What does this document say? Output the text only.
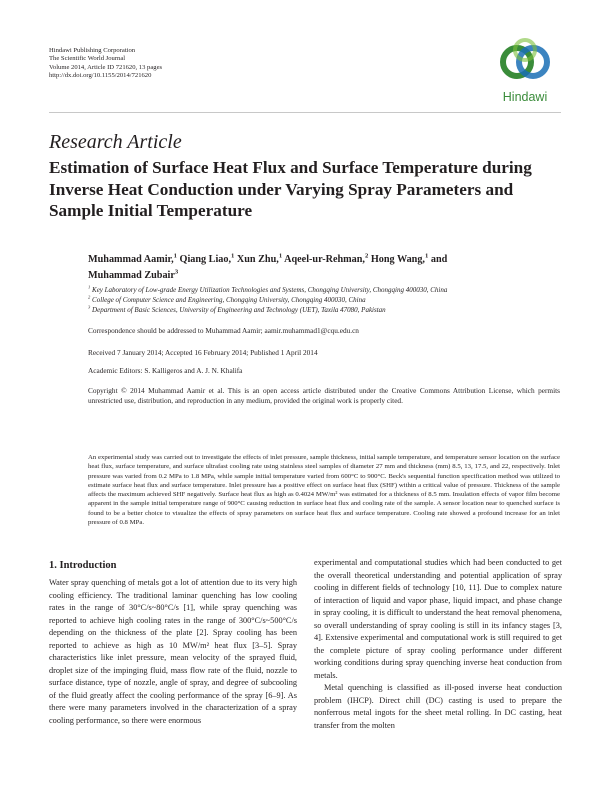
Hindawi Publishing Corporation
The Scientific World Journal
Volume 2014, Article ID 721620, 13 pages
http://dx.doi.org/10.1155/2014/721620
Hindawi
Research Article
Estimation of Surface Heat Flux and Surface Temperature during Inverse Heat Conduction under Varying Spray Parameters and Sample Initial Temperature
Muhammad Aamir,$^1$ Qiang Liao,$^1$ Xun Zhu,$^1$ Aqeel-ur-Rehman,$^2$ Hong Wang,$^1$ and
Muhammad Zubair$^3$
$^1$ Key Laboratory of Low-grade Energy Utilization Technologies and Systems, Chongqing University, Chongqing 400030, China
$^2$ College of Computer Science and Engineering, Chongqing University, Chongqing 400030, China
$^3$ Department of Basic Sciences, University of Engineering and Technology (UET), Taxila 47080, Pakistan
Correspondence should be addressed to Muhammad Aamir; aamir.muhammad1@cqu.edu.cn
Received 7 January 2014; Accepted 16 February 2014; Published 1 April 2014
Academic Editors: S. Kalligeros and A. J. N. Khalifa
Copyright © 2014 Muhammad Aamir et al. This is an open access article distributed under the Creative Commons Attribution License, which permits unrestricted use, distribution, and reproduction in any medium, provided the original work is properly cited.
An experimental study was carried out to investigate the effects of inlet pressure, sample thickness, initial sample temperature, and temperature sensor location on the surface heat flux, surface temperature, and surface ultrafast cooling rate using stainless steel samples of diameter 27 mm and thickness (mm) 8.5, 13, 17.5, and 22, respectively. Inlet pressure was varied from 0.2 MPa to 1.8 MPa, while sample initial temperature varied from 600°C to 900°C. Beck's sequential function specification method was utilized to estimate surface heat flux and surface temperature. Inlet pressure has a positive effect on surface heat flux (SHF) within a critical value of pressure. Thickness of the sample affects the maximum achieved SHF negatively. Surface heat flux as high as 0.4024 MW/m² was estimated for a thickness of 8.5 mm. Insulation effects of vapor film become apparent in the sample initial temperature range of 900°C causing reduction in surface heat flux and cooling rate of the sample. A sensor location near to quenched surface is found to be a better choice to visualize the effects of spray parameters on surface heat flux and surface temperature. Cooling rate showed a profound increase for an inlet pressure of 0.8 MPa.
1. Introduction

Water spray quenching of metals got a lot of attention due to its very high cooling efficiency. The traditional laminar quenching has low cooling rates in the range of 30°C/s~80°C/s [1], while spray quenching was reported to achieve high cooling rates in the range of 300°C/s~500°C/s depending on the thickness of the plate [2]. Spray cooling has been reported to achieve as high as 10 MW/m² heat flux [3–5]. Spray characteristics like inlet pressure, mean velocity of the sprayed fluid, droplet size of the impinging fluid, mass flow rate of the fluid, nozzle to surface distance, type of nozzle, angle of spray, and degree of subcooling of the fluid greatly affect the cooling performance of the spray [6–9]. As there were many parameters involved in the characterization of a spray cooling performance, so there were enormous

experimental and computational studies which had been conducted to get the overall theoretical understanding and potential application of spray cooling in different fields of technology [10, 11]. Due to complex nature of interaction of liquid and vapor phase, liquid impact, and phase change in spray cooling, it is difficult to understand the heat removal phenomena, so overall understanding of spray cooling is still in its infancy stages [3, 4]. Extensive experimental and computational work is still required to get the complete picture of spray cooling performance under different working conditions during spray quenching inverse heat conduction from metals.

Metal quenching is classified as ill-posed inverse heat conduction problem (IHCP). Direct chill (DC) casting is used to prepare the nonferrous metal ingots for the sheet metal rolling. In DC casting, heat transfer from the molten
